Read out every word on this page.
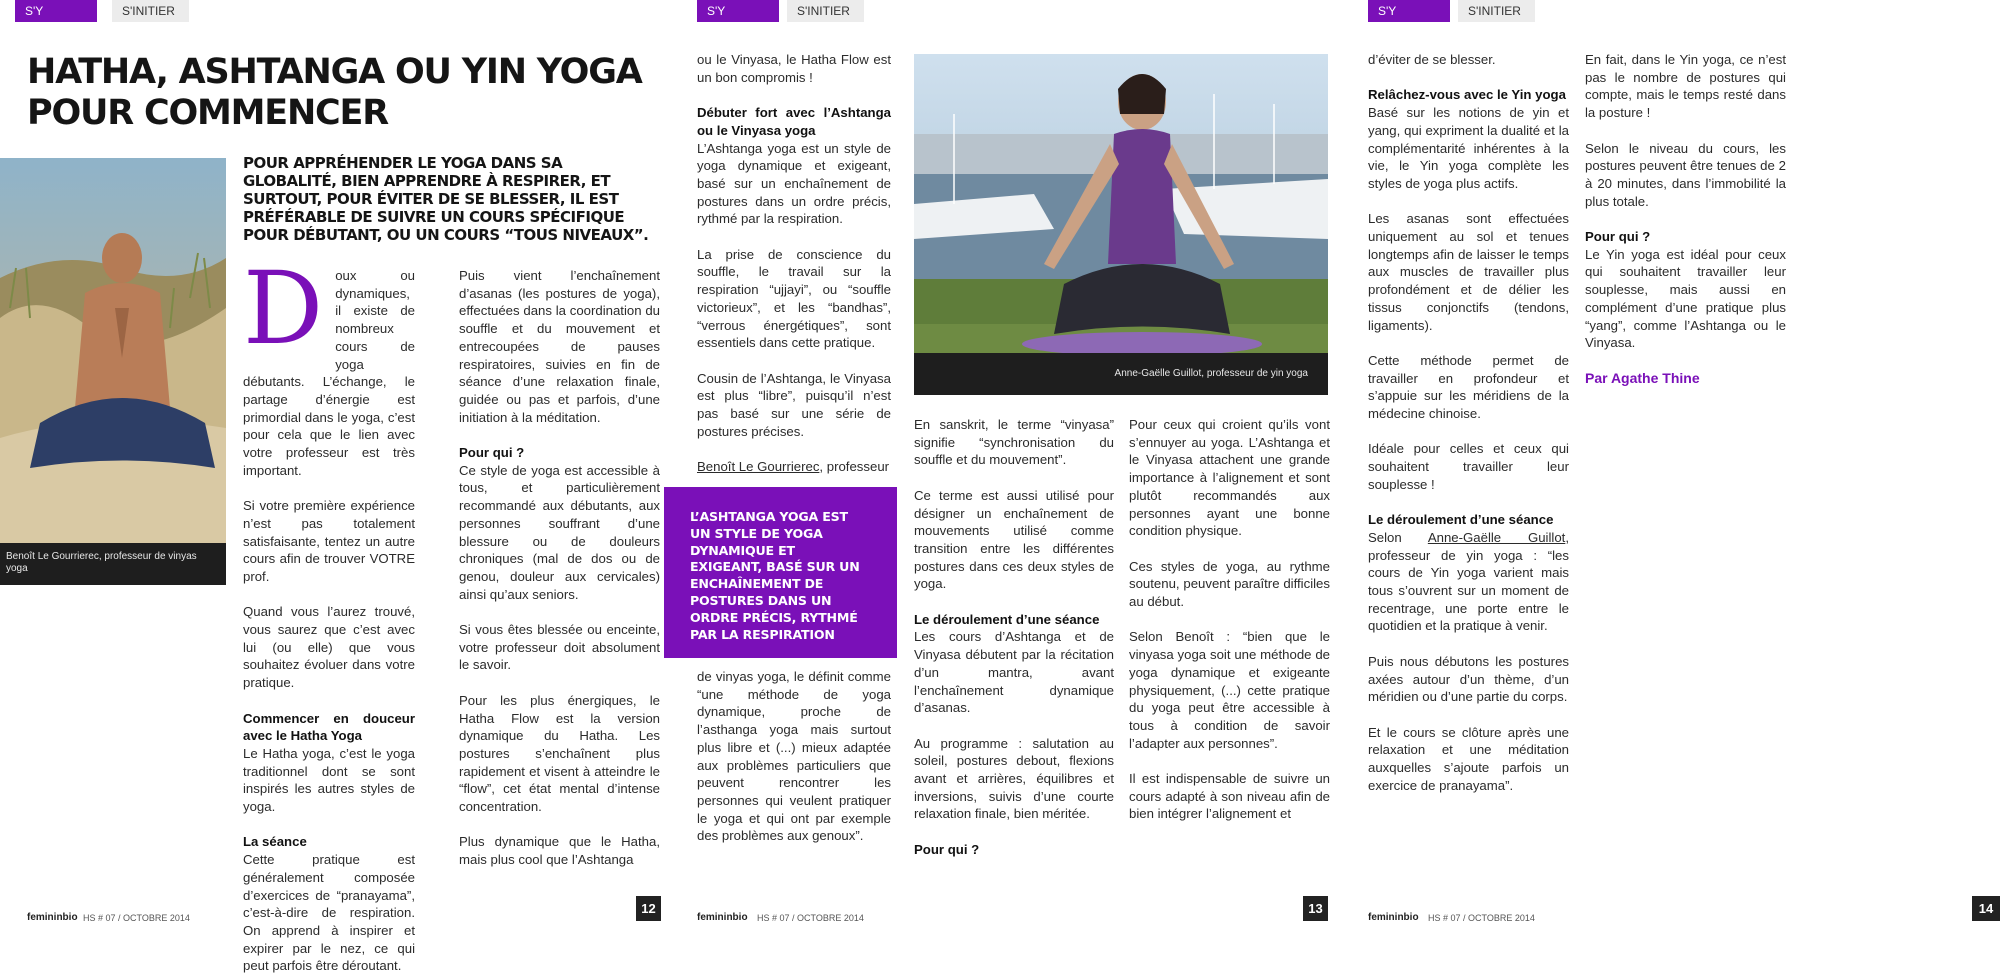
S'Y METTRE
S'INITIER
HATHA, ASHTANGA OU YIN YOGA POUR COMMENCER
Benoît Le Gourrierec, professeur de vinyas yoga
POUR APPRÉHENDER LE YOGA DANS SA GLOBALITÉ, BIEN APPRENDRE À RESPIRER, ET SURTOUT, POUR ÉVITER DE SE BLESSER, IL EST PRÉFÉRABLE DE SUIVRE UN COURS SPÉCIFIQUE POUR DÉBUTANT, OU UN COURS “TOUS NIVEAUX”.

Doux ou dynamiques, il existe de nombreux cours de yoga débutants. L’échange, le partage d’énergie est primordial dans le yoga, c’est pour cela que le lien avec votre professeur est très important.

Si votre première expérience n’est pas totalement satisfaisante, tentez un autre cours afin de trouver VOTRE prof.

Quand vous l’aurez trouvé, vous saurez que c’est avec lui (ou elle) que vous souhaitez évoluer dans votre pratique.

Commencer en douceur avec le Hatha Yoga
Le Hatha yoga, c’est le yoga traditionnel dont se sont inspirés les autres styles de yoga.

La séance
Cette pratique est généralement composée d’exercices de “pranayama”, c’est-à-dire de respiration. On apprend à inspirer et expirer par le nez, ce qui peut parfois être déroutant.

Puis vient l’enchaînement d’asanas (les postures de yoga), effectuées dans la coordination du souffle et du mouvement et entrecoupées de pauses respiratoires, suivies en fin de séance d’une relaxation finale, guidée ou pas et parfois, d’une initiation à la méditation.

Pour qui ?
Ce style de yoga est accessible à tous, et particulièrement recommandé aux débutants, aux personnes souffrant d’une blessure ou de douleurs chroniques (mal de dos ou de genou, douleur aux cervicales) ainsi qu’aux seniors.

Si vous êtes blessée ou enceinte, votre professeur doit absolument le savoir.

Pour les plus énergiques, le Hatha Flow est la version dynamique du Hatha. Les postures s’enchaînent plus rapidement et visent à atteindre le “flow”, cet état mental d’intense concentration.

Plus dynamique que le Hatha, mais plus cool que l’Ashtanga

femininbio HS # 07 / OCTOBRE 2014
12
S'Y METTRE
S'INITIER

ou le Vinyasa, le Hatha Flow est un bon compromis !

Débuter fort avec l’Ashtanga ou le Vinyasa yoga
L’Ashtanga yoga est un style de yoga dynamique et exigeant, basé sur un enchaînement de postures dans un ordre précis, rythmé par la respiration.

La prise de conscience du souffle, le travail sur la respiration “ujjayi”, ou “souffle victorieux”, et les “bandhas”, “verrous énergétiques”, sont essentiels dans cette pratique.

Cousin de l’Ashtanga, le Vinyasa est plus “libre”, puisqu’il n’est pas basé sur une série de postures précises.

Benoît Le Gourrierec, professeur

L’ASHTANGA YOGA EST UN STYLE DE YOGA DYNAMIQUE ET EXIGEANT, BASÉ SUR UN ENCHAÎNEMENT DE POSTURES DANS UN ORDRE PRÉCIS, RYTHMÉ PAR LA RESPIRATION

de vinyas yoga, le définit comme “une méthode de yoga dynamique, proche de l’asthanga yoga mais surtout plus libre et (...) mieux adaptée aux problèmes particuliers que peuvent rencontrer les personnes qui veulent pratiquer le yoga et qui ont par exemple des problèmes aux genoux”.

Anne-Gaëlle Guillot, professeur de yin yoga

En sanskrit, le terme “vinyasa” signifie “synchronisation du souffle et du mouvement”.

Ce terme est aussi utilisé pour désigner un enchaînement de mouvements utilisé comme transition entre les différentes postures dans ces deux styles de yoga.

Le déroulement d’une séance
Les cours d’Ashtanga et de Vinyasa débutent par la récitation d’un mantra, avant l’enchaînement dynamique d’asanas.

Au programme : salutation au soleil, postures debout, flexions avant et arrières, équilibres et inversions, suivis d’une courte relaxation finale, bien méritée.

Pour qui ?

Pour ceux qui croient qu’ils vont s’ennuyer au yoga. L’Ashtanga et le Vinyasa attachent une grande importance à l’alignement et sont plutôt recommandés aux personnes ayant une bonne condition physique.

Ces styles de yoga, au rythme soutenu, peuvent paraître difficiles au début.

Selon Benoît : “bien que le vinyasa yoga soit une méthode de yoga dynamique et exigeante physiquement, (...) cette pratique du yoga peut être accessible à tous à condition de savoir l’adapter aux personnes”.

Il est indispensable de suivre un cours adapté à son niveau afin de bien intégrer l’alignement et

femininbio HS # 07 / OCTOBRE 2014
13
S'Y METTRE
S'INITIER

d’éviter de se blesser.

Relâchez-vous avec le Yin yoga
Basé sur les notions de yin et yang, qui expriment la dualité et la complémentarité inhérentes à la vie, le Yin yoga complète les styles de yoga plus actifs.

Les asanas sont effectuées uniquement au sol et tenues longtemps afin de laisser le temps aux muscles de travailler plus profondément et de délier les tissus conjonctifs (tendons, ligaments).

Cette méthode permet de travailler en profondeur et s’appuie sur les méridiens de la médecine chinoise.

Idéale pour celles et ceux qui souhaitent travailler leur souplesse !

Le déroulement d’une séance
Selon Anne-Gaëlle Guillot, professeur de yin yoga : “les cours de Yin yoga varient mais tous s’ouvrent sur un moment de recentrage, une porte entre le quotidien et la pratique à venir.

Puis nous débutons les postures axées autour d’un thème, d’un méridien ou d’une partie du corps.

Et le cours se clôture après une relaxation et une méditation auxquelles s’ajoute parfois un exercice de pranayama”.

En fait, dans le Yin yoga, ce n’est pas le nombre de postures qui compte, mais le temps resté dans la posture !

Selon le niveau du cours, les postures peuvent être tenues de 2 à 20 minutes, dans l’immobilité la plus totale.

Pour qui ?
Le Yin yoga est idéal pour ceux qui souhaitent travailler leur souplesse, mais aussi en complément d’une pratique plus “yang”, comme l’Ashtanga ou le Vinyasa.

Par Agathe Thine

femininbio HS # 07 / OCTOBRE 2014
14
